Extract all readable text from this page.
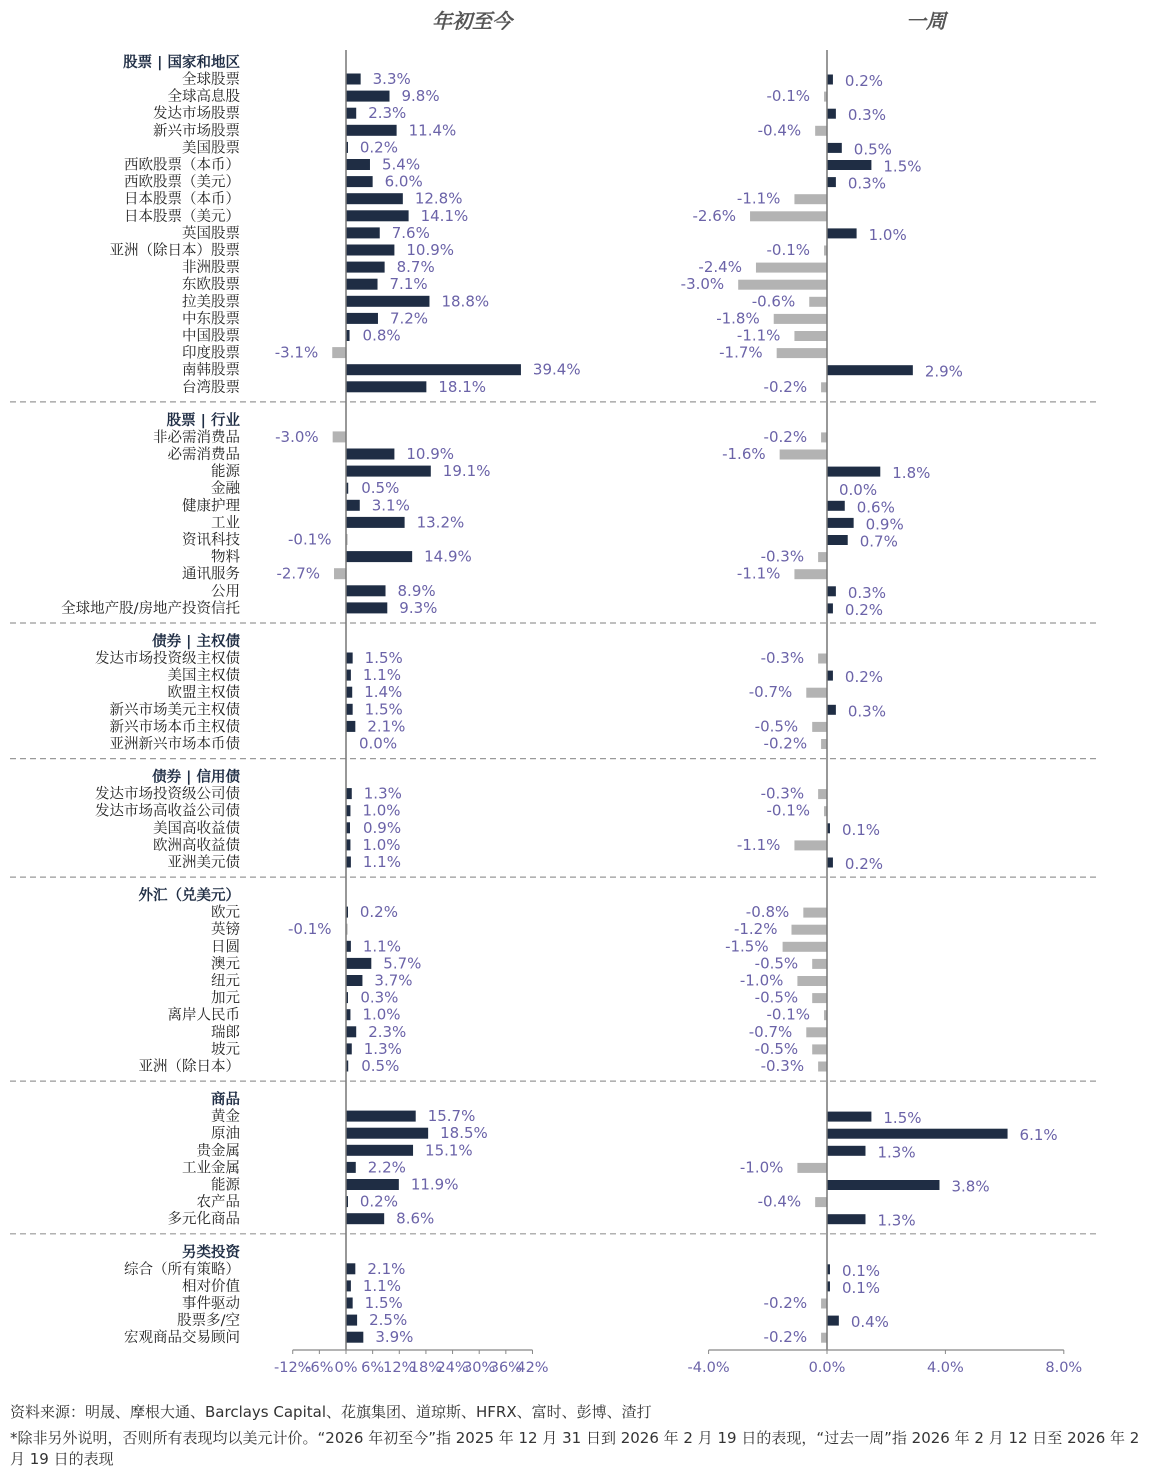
年初至今	一周
股票 | 国家和地区
全球股票	3.3%	0.2%
全球高息股	9.8%	-0.1%
发达市场股票	2.3%	0.3%
新兴市场股票	11.4%	-0.4%
美国股票	0.2%	0.5%
西欧股票（本币）	5.4%	1.5%
西欧股票（美元）	6.0%	0.3%
日本股票（本币）	12.8%	-1.1%
日本股票（美元）	14.1%	-2.6%
英国股票	7.6%	1.0%
亚洲（除日本）股票	10.9%	-0.1%
非洲股票	8.7%	-2.4%
东欧股票	7.1%	-3.0%
拉美股票	18.8%	-0.6%
中东股票	7.2%	-1.8%
中国股票	0.8%	-1.1%
印度股票 -3.1%	-1.7%
南韩股票	39.4%	2.9%
台湾股票	18.1%	-0.2%
股票 | 行业
非必需消费品 -3.0%	-0.2%
必需消费品	10.9%	-1.6%
能源	19.1%	1.8%
金融	0.5%	0.0%
健康护理	3.1%	0.6%
工业	13.2%	0.9%
资讯科技	-0.1%	0.7%
物料	14.9%	-0.3%
通讯服务 -2.7%	-1.1%
公用	8.9%	0.3%
全球地产股/房地产投资信托	9.3%	0.2%
债券 | 主权债
发达市场投资级主权债	1.5%	-0.3%
美国主权债	1.1%	0.2%
欧盟主权债	1.4%	-0.7%
新兴市场美元主权债	1.5%	0.3%
新兴市场本币主权债	2.1%	-0.5%
亚洲新兴市场本币债	0.0%	-0.2%
债券 | 信用债
发达市场投资级公司债	1.3%	-0.3%
发达市场高收益公司债	1.0%	-0.1%
美国高收益债	0.9%	0.1%
欧洲高收益债	1.0%	-1.1%
亚洲美元债	1.1%	0.2%
外汇（兑美元）
欧元	0.2%	-0.8%
英镑	-0.1%	-1.2%
日圆	1.1%	-1.5%
澳元	5.7%	-0.5%
纽元	3.7%	-1.0%
加元	0.3%	-0.5%
离岸人民币	1.0%	-0.1%
瑞郎	2.3%	-0.7%
坡元	1.3%	-0.5%
亚洲（除日本）	0.5%	-0.3%
商品
黄金	15.7%	1.5%
原油	18.5%	6.1%
贵金属	15.1%	1.3%
工业金属	2.2%	-1.0%
能源	11.9%	3.8%
农产品	0.2%	-0.4%
多元化商品	8.6%	1.3%
另类投资
综合（所有策略）	2.1%	0.1%
相对价值	1.1%	0.1%
事件驱动	1.5%	-0.2%
股票多/空	2.5%	0.4%
宏观商品交易顾问	3.9%	-0.2%
-12%
-6% 0% 6% 12%
18%
24%
30%
36%
42%	-4.0%	0.0%	4.0%	8.0%
资料来源：明晟、摩根大通、Barclays Capital、花旗集团、道琼斯、HFRX、富时、彭博、渣打
*除非另外说明，否则所有表现均以美元计价。“2026 年初至今”指 2025 年 12 月 31 日到 2026 年 2 月 19 日的表现，“过去一周”指 2026 年 2 月 12 日至 2026 年 2 月 19 日的表现
